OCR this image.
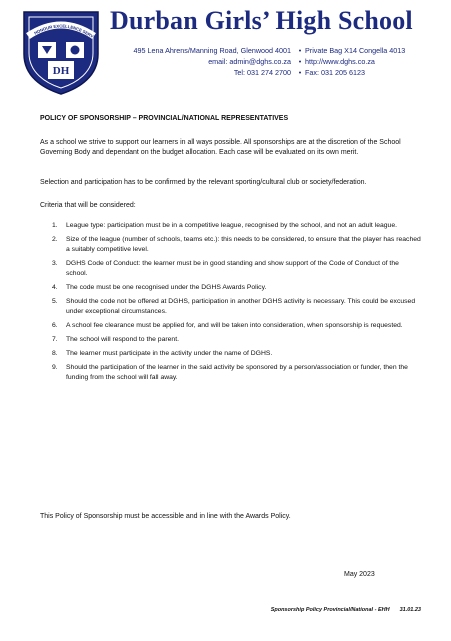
HONOUR EXCELLENCE SERV
DH
Durban Girls’ High School
495 Lena Ahrens/Manning Road, Glenwood 4001
email: admin@dghs.co.za
Tel: 031 274 2700
•
•
•
Private Bag X14 Congella 4013
http://www.dghs.co.za
Fax: 031 205 6123
POLICY OF SPONSORSHIP – PROVINCIAL/NATIONAL REPRESENTATIVES
As a school we strive to support our learners in all ways possible. All sponsorships are at the discretion of the School Governing Body and dependant on the budget allocation. Each case will be evaluated on its own merit.
Selection and participation has to be confirmed by the relevant sporting/cultural club or society/federation.
Criteria that will be considered:
1. League type: participation must be in a competitive league, recognised by the school, and not an adult league.
2. Size of the league (number of schools, teams etc.): this needs to be considered, to ensure that the player has reached a suitably competitive level.
3. DGHS Code of Conduct: the learner must be in good standing and show support of the Code of Conduct of the school.
4. The code must be one recognised under the DGHS Awards Policy.
5. Should the code not be offered at DGHS, participation in another DGHS activity is necessary. This could be excused under exceptional circumstances.
6. A school fee clearance must be applied for, and will be taken into consideration, when sponsorship is requested.
7. The school will respond to the parent.
8. The learner must participate in the activity under the name of DGHS.
9. Should the participation of the learner in the said activity be sponsored by a person/association or funder, then the funding from the school will fall away.
This Policy of Sponsorship must be accessible and in line with the Awards Policy.
May 2023
Sponsorship Policy Provincial/National - EHH 31.01.23
